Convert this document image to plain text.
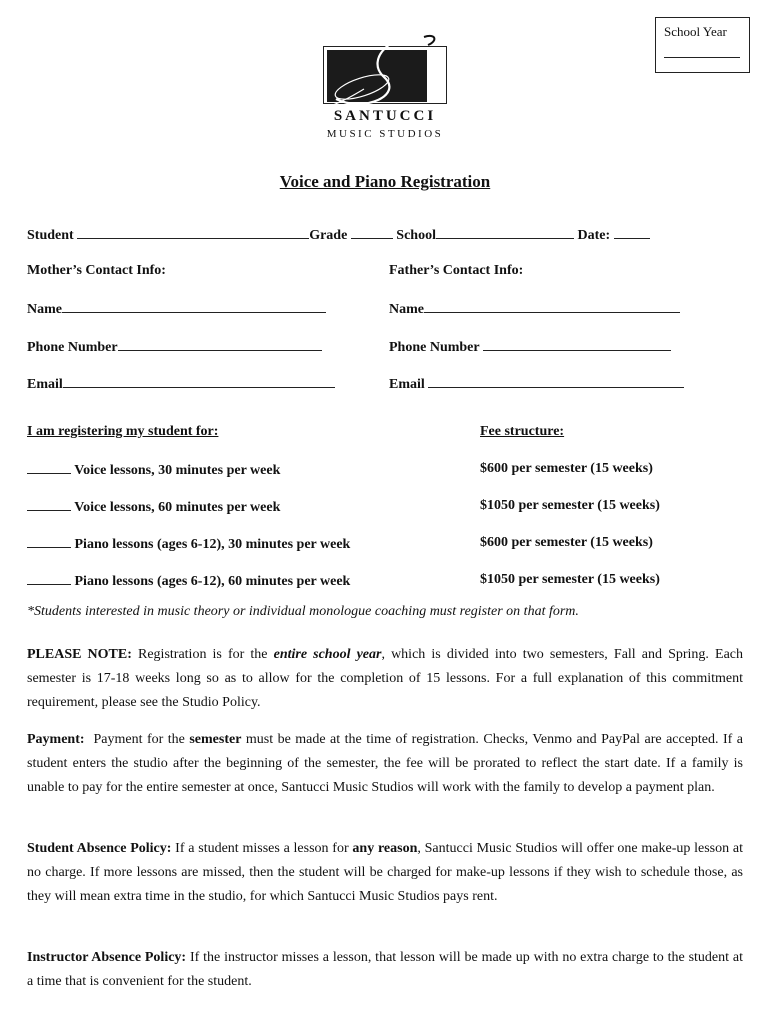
School Year
SANTUCCI
MUSIC STUDIOS
Voice and Piano Registration
Student	Grade	School	Date:
Mother’s Contact Info:	Father’s Contact Info:
Name	Name
Phone Number	Phone Number
Email	Email
I am registering my student for:	Fee structure:
Voice lessons, 30 minutes per week	$600 per semester (15 weeks)
Voice lessons, 60 minutes per week	$1050 per semester (15 weeks)
Piano lessons (ages 6-12), 30 minutes per week	$600 per semester (15 weeks)
Piano lessons (ages 6-12), 60 minutes per week	$1050 per semester (15 weeks)
*Students interested in music theory or individual monologue coaching must register on that form.
PLEASE NOTE: Registration is for the entire school year, which is divided into two semesters, Fall and Spring. Each semester is 17-18 weeks long so as to allow for the completion of 15 lessons. For a full explanation of this commitment requirement, please see the Studio Policy.
Payment:  Payment for the semester must be made at the time of registration. Checks, Venmo and PayPal are accepted. If a student enters the studio after the beginning of the semester, the fee will be prorated to reflect the start date. If a family is unable to pay for the entire semester at once, Santucci Music Studios will work with the family to develop a payment plan.
Student Absence Policy: If a student misses a lesson for any reason, Santucci Music Studios will offer one make-up lesson at no charge. If more lessons are missed, then the student will be charged for make-up lessons if they wish to schedule those, as they will mean extra time in the studio, for which Santucci Music Studios pays rent.
Instructor Absence Policy: If the instructor misses a lesson, that lesson will be made up with no extra charge to the student at a time that is convenient for the student.
